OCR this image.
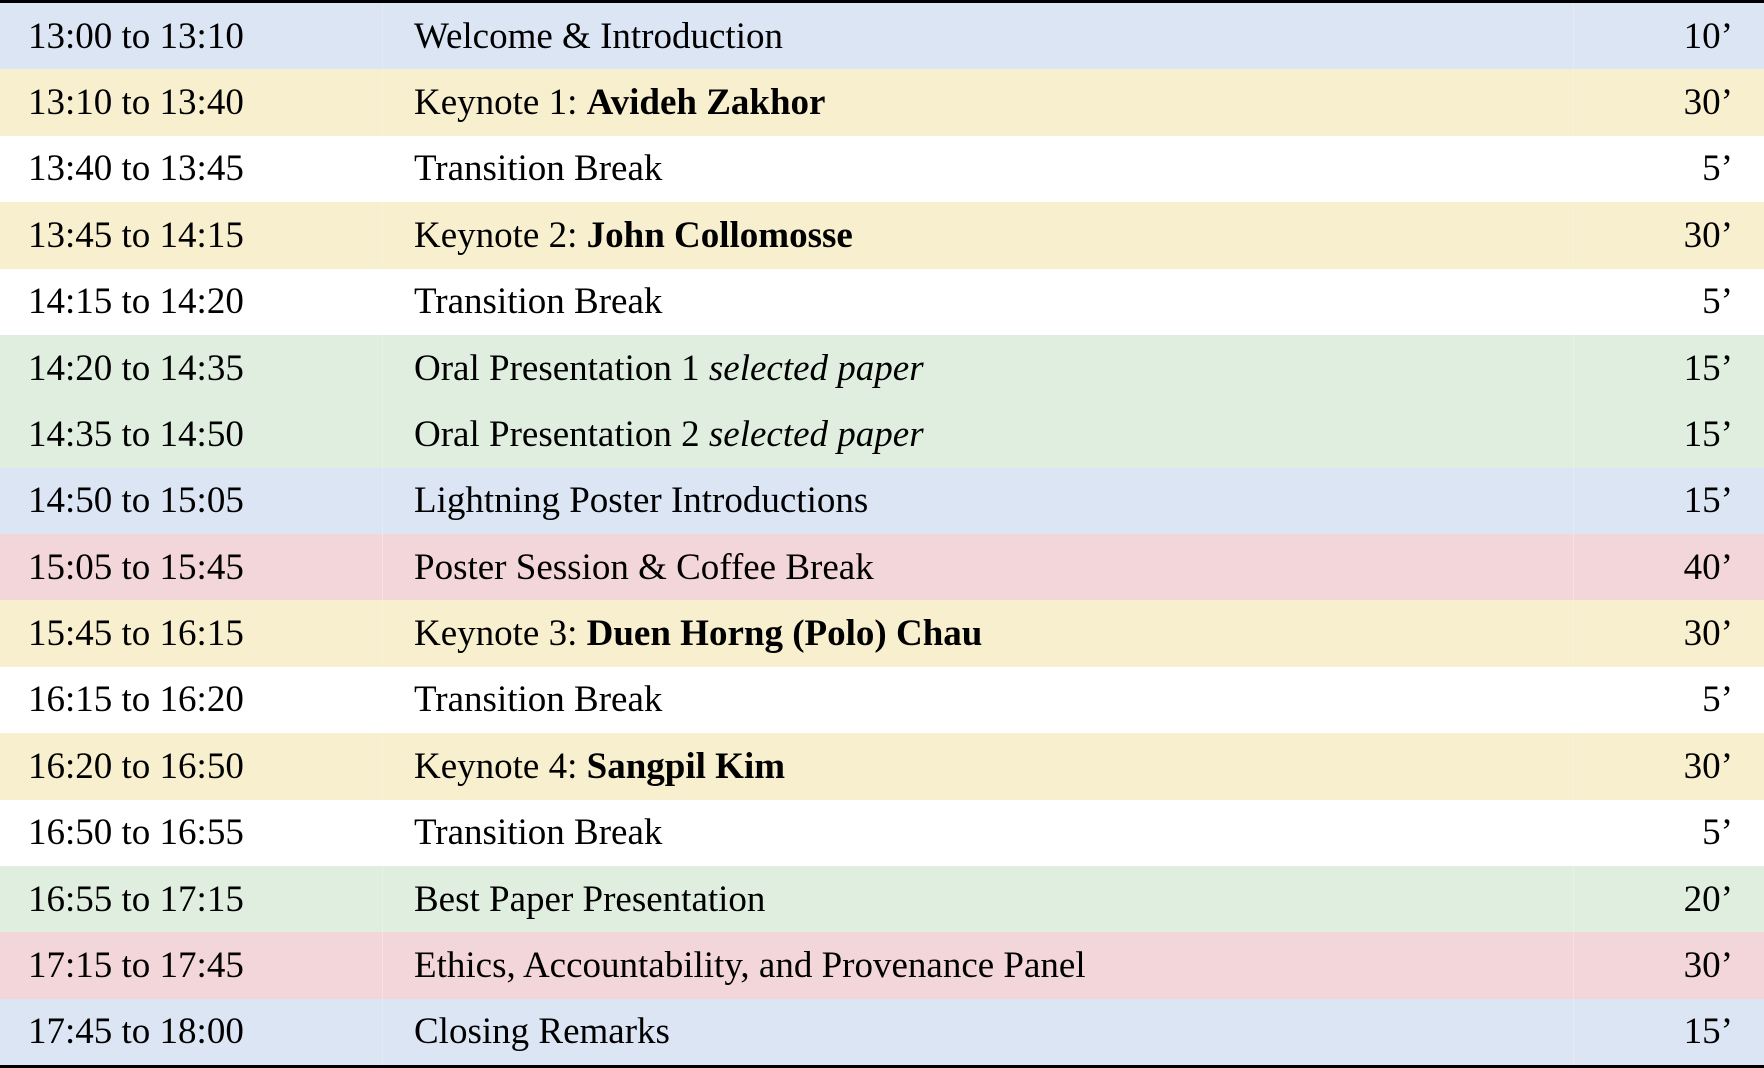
13:00 to 13:10	Welcome & Introduction	10’
13:10 to 13:40	Keynote 1: Avideh Zakhor	30’
13:40 to 13:45	Transition Break	5’
13:45 to 14:15	Keynote 2: John Collomosse	30’
14:15 to 14:20	Transition Break	5’
14:20 to 14:35	Oral Presentation 1 selected paper	15’
14:35 to 14:50	Oral Presentation 2 selected paper	15’
14:50 to 15:05	Lightning Poster Introductions	15’
15:05 to 15:45	Poster Session & Coffee Break	40’
15:45 to 16:15	Keynote 3: Duen Horng (Polo) Chau	30’
16:15 to 16:20	Transition Break	5’
16:20 to 16:50	Keynote 4: Sangpil Kim	30’
16:50 to 16:55	Transition Break	5’
16:55 to 17:15	Best Paper Presentation	20’
17:15 to 17:45	Ethics, Accountability, and Provenance Panel	30’
17:45 to 18:00	Closing Remarks	15’
